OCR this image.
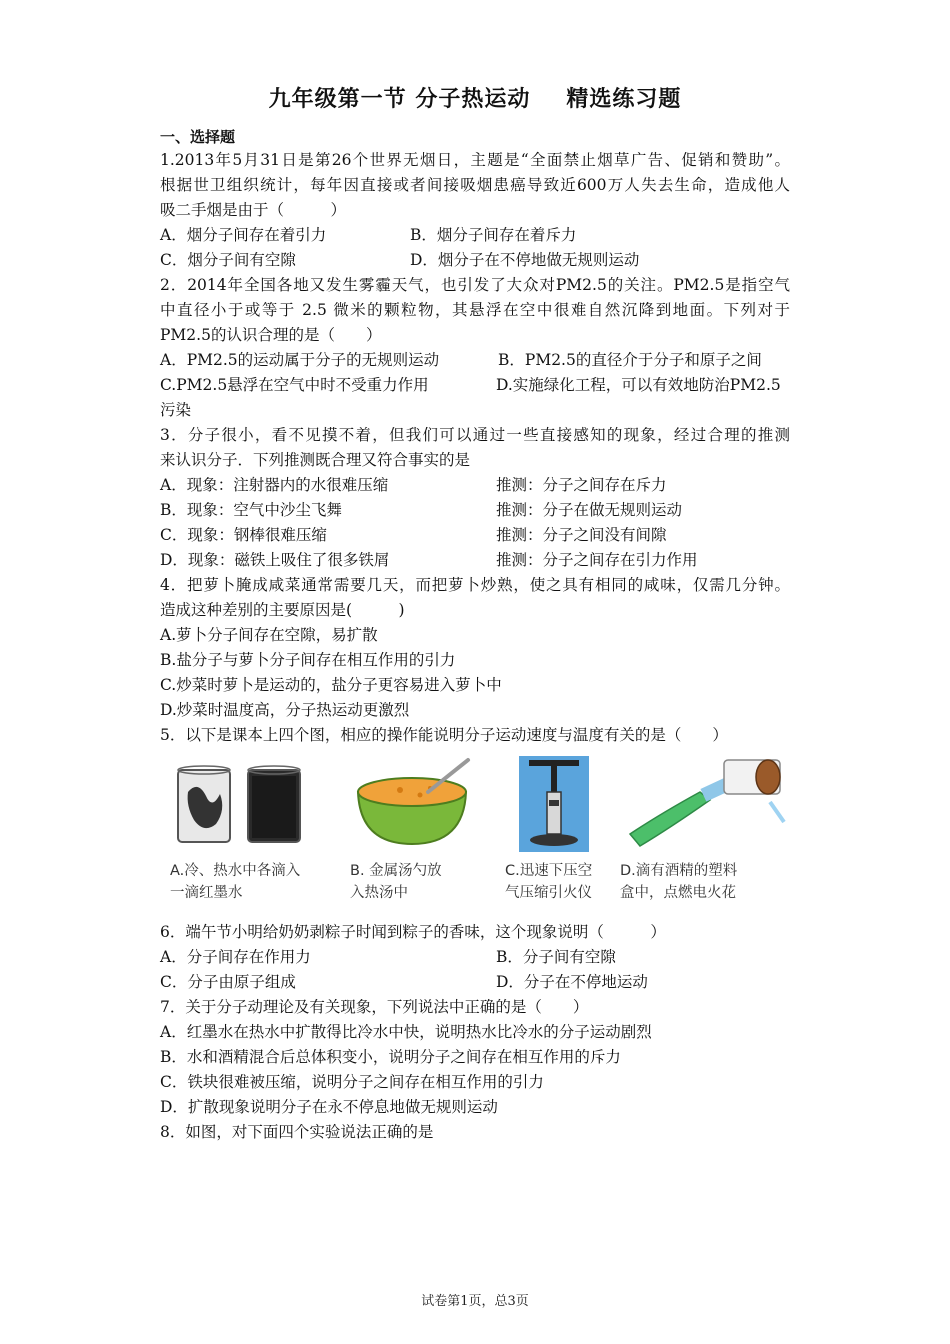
九年级第一节 分子热运动 精选练习题
一、选择题
1.2013年5月31日是第26个世界无烟日，主题是“全面禁止烟草广告、促销和赞助”。
根据世卫组织统计，每年因直接或者间接吸烟患癌导致近600万人失去生命，造成他人
吸二手烟是由于（　　　）
A．烟分子间存在着引力	B．烟分子间存在着斥力
C．烟分子间有空隙	D．烟分子在不停地做无规则运动
2．2014年全国各地又发生雾霾天气，也引发了大众对PM2.5的关注。PM2.5是指空气
中直径小于或等于 2.5 微米的颗粒物，其悬浮在空中很难自然沉降到地面。下列对于
PM2.5的认识合理的是（　　）
A．PM2.5的运动属于分子的无规则运动	B．PM2.5的直径介于分子和原子之间
C.PM2.5悬浮在空气中时不受重力作用	D.实施绿化工程，可以有效地防治PM2.5
污染
3．分子很小，看不见摸不着，但我们可以通过一些直接感知的现象，经过合理的推测
来认识分子．下列推测既合理又符合事实的是
A．现象：注射器内的水很难压缩	推测：分子之间存在斥力
B．现象：空气中沙尘飞舞	推测：分子在做无规则运动
C．现象：钢棒很难压缩	推测：分子之间没有间隙
D．现象：磁铁上吸住了很多铁屑	推测：分子之间存在引力作用
4．把萝卜腌成咸菜通常需要几天，而把萝卜炒熟，使之具有相同的咸味，仅需几分钟。
造成这种差别的主要原因是(　　　)
A.萝卜分子间存在空隙，易扩散
B.盐分子与萝卜分子间存在相互作用的引力
C.炒菜时萝卜是运动的，盐分子更容易进入萝卜中
D.炒菜时温度高，分子热运动更激烈
5．以下是课本上四个图，相应的操作能说明分子运动速度与温度有关的是（　　）
A.冷、热水中各滴入
一滴红墨水
B. 金属汤勺放
入热汤中
C.迅速下压空
气压缩引火仪
D.滴有酒精的塑料
盒中，点燃电火花
6．端午节小明给奶奶剥粽子时闻到粽子的香味，这个现象说明（　　　）
A．分子间存在作用力	B．分子间有空隙
C．分子由原子组成	D．分子在不停地运动
7．关于分子动理论及有关现象，下列说法中正确的是（　　）
A．红墨水在热水中扩散得比冷水中快，说明热水比冷水的分子运动剧烈
B．水和酒精混合后总体积变小，说明分子之间存在相互作用的斥力
C．铁块很难被压缩，说明分子之间存在相互作用的引力
D．扩散现象说明分子在永不停息地做无规则运动
8．如图，对下面四个实验说法正确的是
试卷第1页，总3页
